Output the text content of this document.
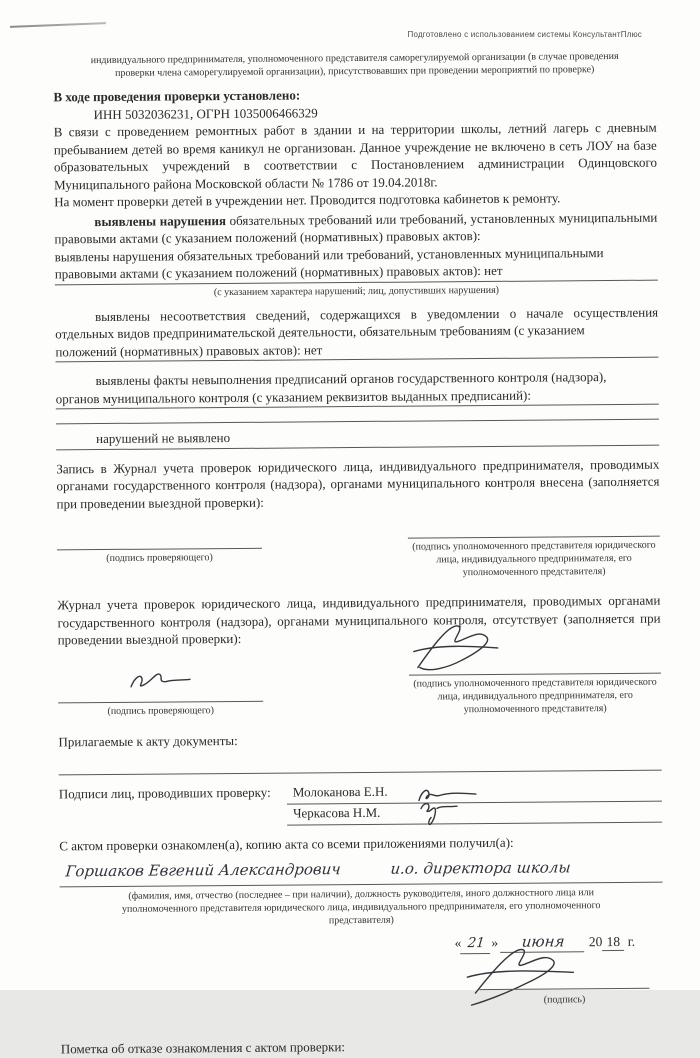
Подготовлено с использованием системы КонсультантПлюс

индивидуального предпринимателя, уполномоченного представителя саморегулируемой организации (в случае проведения проверки члена саморегулируемой организации), присутствовавших при проведении мероприятий по проверке)

В ходе проведения проверки установлено:

ИНН 5032036231, ОГРН 1035006466329

В связи с проведением ремонтных работ в здании и на территории школы, летний лагерь с дневным пребыванием детей во время каникул не организован. Данное учреждение не включено в сеть ЛОУ на базе образовательных учреждений в соответствии с Постановлением администрации Одинцовского Муниципального района Московской области № 1786 от 19.04.2018г.

На момент проверки детей в учреждении нет. Проводится подготовка кабинетов к ремонту.

выявлены нарушения обязательных требований или требований, установленных муниципальными правовыми актами (с указанием положений (нормативных) правовых актов):

выявлены нарушения обязательных требований или требований, установленных муниципальными

правовыми актами (с указанием положений (нормативных) правовых актов): нет

(с указанием характера нарушений; лиц, допустивших нарушения)

выявлены несоответствия сведений, содержащихся в уведомлении о начале осуществления отдельных видов предпринимательской деятельности, обязательным требованиям (с указанием

положений (нормативных) правовых актов): нет

выявлены факты невыполнения предписаний органов государственного контроля (надзора),

органов муниципального контроля (с указанием реквизитов выданных предписаний):
нарушений не выявлено

Запись в Журнал учета проверок юридического лица, индивидуального предпринимателя, проводимых органами государственного контроля (надзора), органами муниципального контроля внесена (заполняется при проведении выездной проверки):

(подпись проверяющего)
(подпись уполномоченного представителя юридического лица, индивидуального предпринимателя, его уполномоченного представителя)

Журнал учета проверок юридического лица, индивидуального предпринимателя, проводимых органами государственного контроля (надзора), органами муниципального контроля, отсутствует (заполняется при проведении выездной проверки):

(подпись проверяющего)
(подпись уполномоченного представителя юридического лица, индивидуального предпринимателя, его уполномоченного представителя)

Прилагаемые к акту документы:

Подписи лиц, проводивших проверку:	Молоканова Е.Н.
Черкасова Н.М.

С актом проверки ознакомлен(а), копию акта со всеми приложениями получил(а):

Горшаков Евгений Александрович	и.о. директора школы

(фамилия, имя, отчество (последнее – при наличии), должность руководителя, иного должностного лица или уполномоченного представителя юридического лица, индивидуального предпринимателя, его уполномоченного представителя)

« 21 » июня 20 18 г.
(подпись)

Пометка об отказе ознакомления с актом проверки:
